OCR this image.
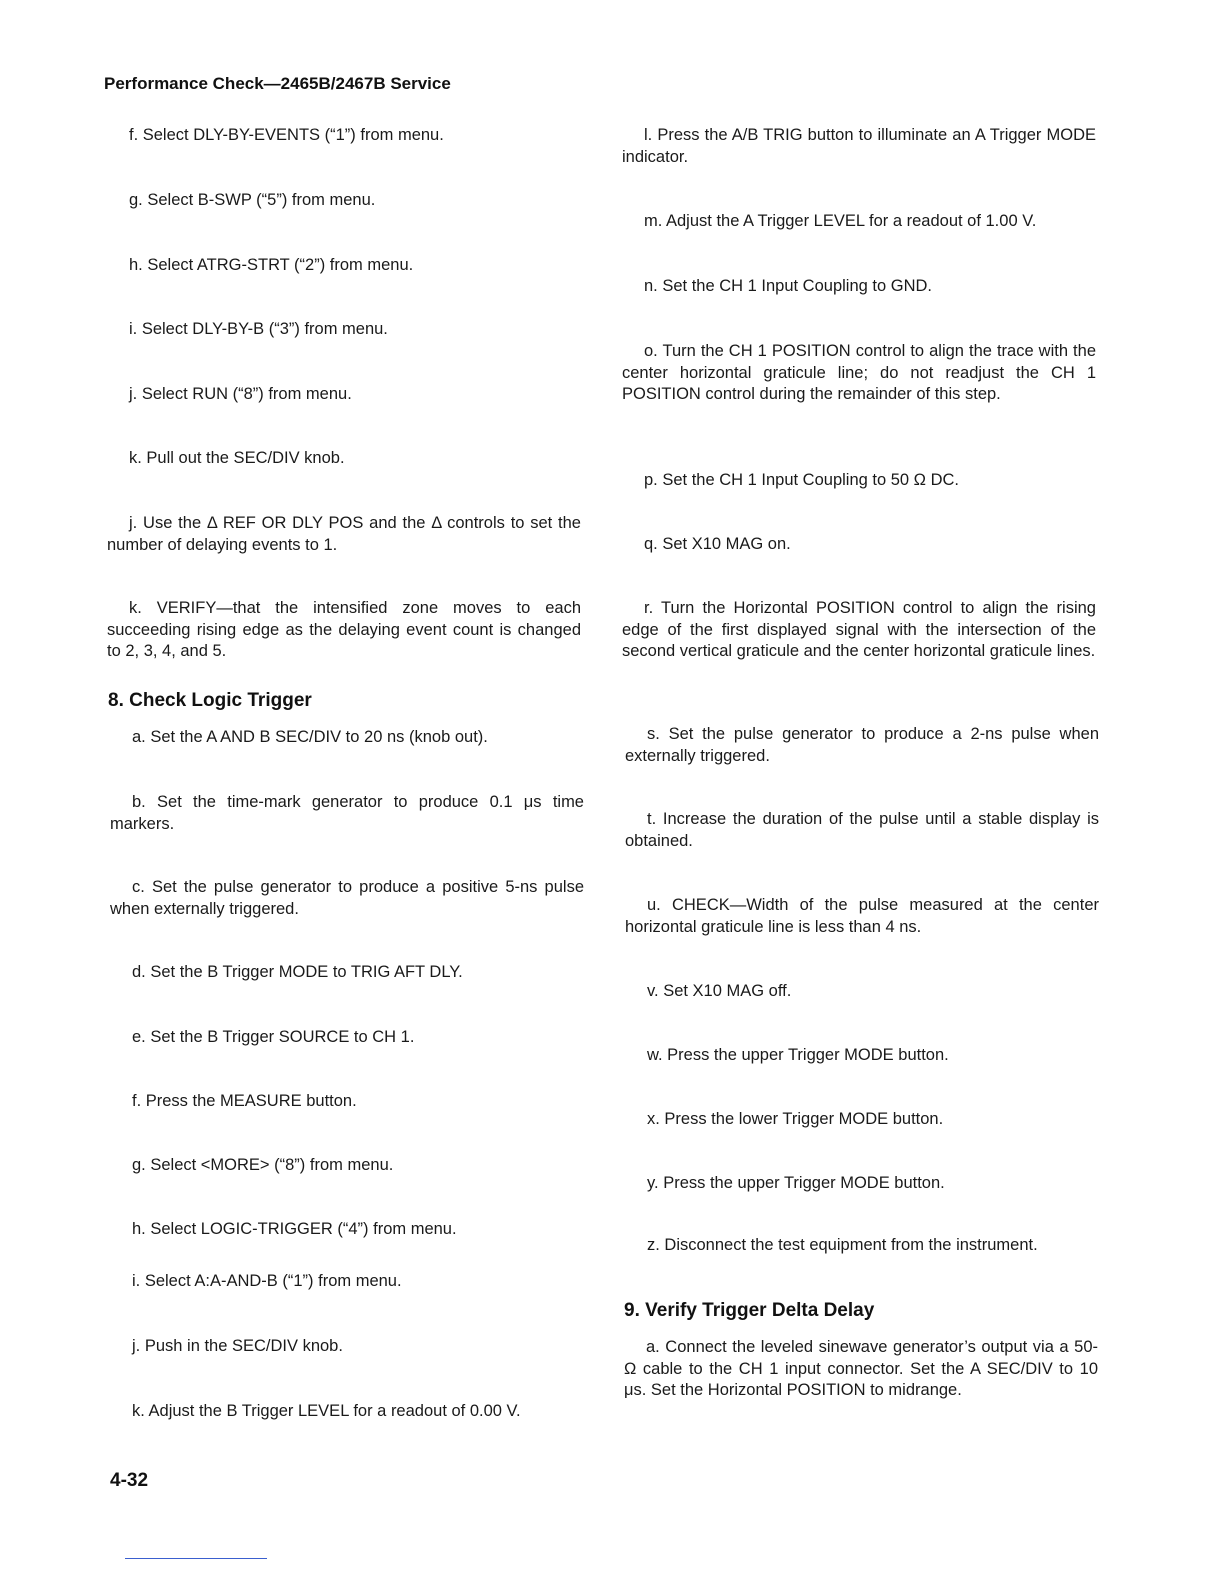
Performance Check—2465B/2467B Service

f. Select DLY-BY-EVENTS (“1”) from menu.

g. Select B-SWP (“5”) from menu.

h. Select ATRG-STRT (“2”) from menu.

i. Select DLY-BY-B (“3”) from menu.

j. Select RUN (“8”) from menu.

k. Pull out the SEC/DIV knob.

j. Use the Δ REF OR DLY POS and the Δ controls to set the number of delaying events to 1.

k. VERIFY—that the intensified zone moves to each succeeding rising edge as the delaying event count is changed to 2, 3, 4, and 5.

8. Check Logic Trigger

a. Set the A AND B SEC/DIV to 20 ns (knob out).

b. Set the time-mark generator to produce 0.1 μs time markers.

c. Set the pulse generator to produce a positive 5-ns pulse when externally triggered.

d. Set the B Trigger MODE to TRIG AFT DLY.

e. Set the B Trigger SOURCE to CH 1.

f. Press the MEASURE button.

g. Select <MORE> (“8”) from menu.

h. Select LOGIC-TRIGGER (“4”) from menu.

i. Select A:A-AND-B (“1”) from menu.

j. Push in the SEC/DIV knob.

k. Adjust the B Trigger LEVEL for a readout of 0.00 V.

l. Press the A/B TRIG button to illuminate an A Trigger MODE indicator.

m. Adjust the A Trigger LEVEL for a readout of 1.00 V.

n. Set the CH 1 Input Coupling to GND.

o. Turn the CH 1 POSITION control to align the trace with the center horizontal graticule line; do not readjust the CH 1 POSITION control during the remainder of this step.

p. Set the CH 1 Input Coupling to 50 Ω DC.

q. Set X10 MAG on.

r. Turn the Horizontal POSITION control to align the rising edge of the first displayed signal with the intersection of the second vertical graticule and the center horizontal graticule lines.

s. Set the pulse generator to produce a 2-ns pulse when externally triggered.

t. Increase the duration of the pulse until a stable display is obtained.

u. CHECK—Width of the pulse measured at the center horizontal graticule line is less than 4 ns.

v. Set X10 MAG off.

w. Press the upper Trigger MODE button.

x. Press the lower Trigger MODE button.

y. Press the upper Trigger MODE button.

z. Disconnect the test equipment from the instrument.

9. Verify Trigger Delta Delay

a. Connect the leveled sinewave generator’s output via a 50-Ω cable to the CH 1 input connector. Set the A SEC/DIV to 10 μs. Set the Horizontal POSITION to midrange.

4-32
